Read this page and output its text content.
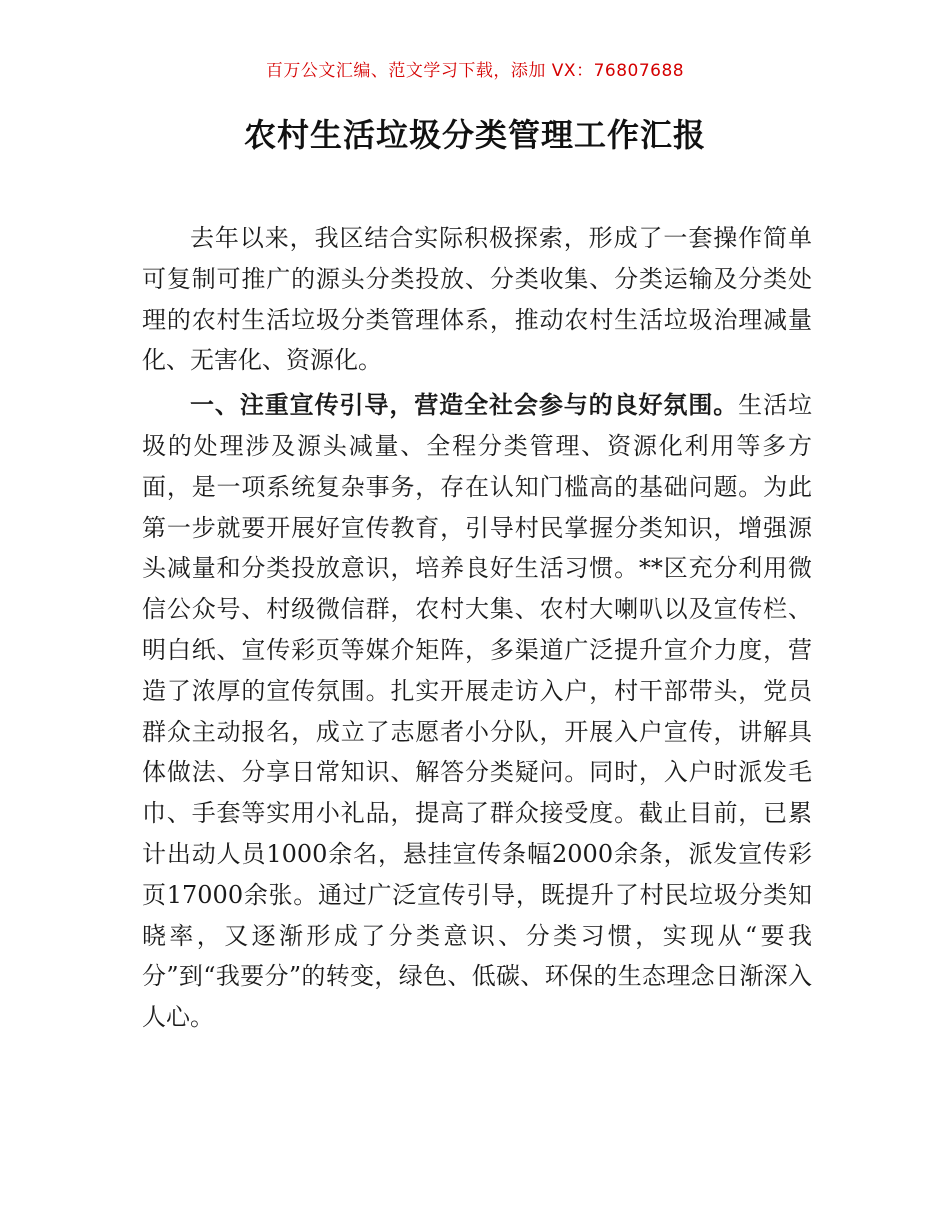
百万公文汇编、范文学习下载，添加 VX：76807688
农村生活垃圾分类管理工作汇报

去年以来，我区结合实际积极探索，形成了一套操作简单可复制可推广的源头分类投放、分类收集、分类运输及分类处理的农村生活垃圾分类管理体系，推动农村生活垃圾治理减量化、无害化、资源化。

一、注重宣传引导，营造全社会参与的良好氛围。生活垃圾的处理涉及源头减量、全程分类管理、资源化利用等多方面，是一项系统复杂事务，存在认知门槛高的基础问题。为此第一步就要开展好宣传教育，引导村民掌握分类知识，增强源头减量和分类投放意识，培养良好生活习惯。**区充分利用微信公众号、村级微信群，农村大集、农村大喇叭以及宣传栏、明白纸、宣传彩页等媒介矩阵，多渠道广泛提升宣介力度，营造了浓厚的宣传氛围。扎实开展走访入户，村干部带头，党员群众主动报名，成立了志愿者小分队，开展入户宣传，讲解具体做法、分享日常知识、解答分类疑问。同时，入户时派发毛巾、手套等实用小礼品，提高了群众接受度。截止目前，已累计出动人员1000余名，悬挂宣传条幅2000余条，派发宣传彩页17000余张。通过广泛宣传引导，既提升了村民垃圾分类知晓率，又逐渐形成了分类意识、分类习惯，实现从“要我分”到“我要分”的转变，绿色、低碳、环保的生态理念日渐深入人心。
